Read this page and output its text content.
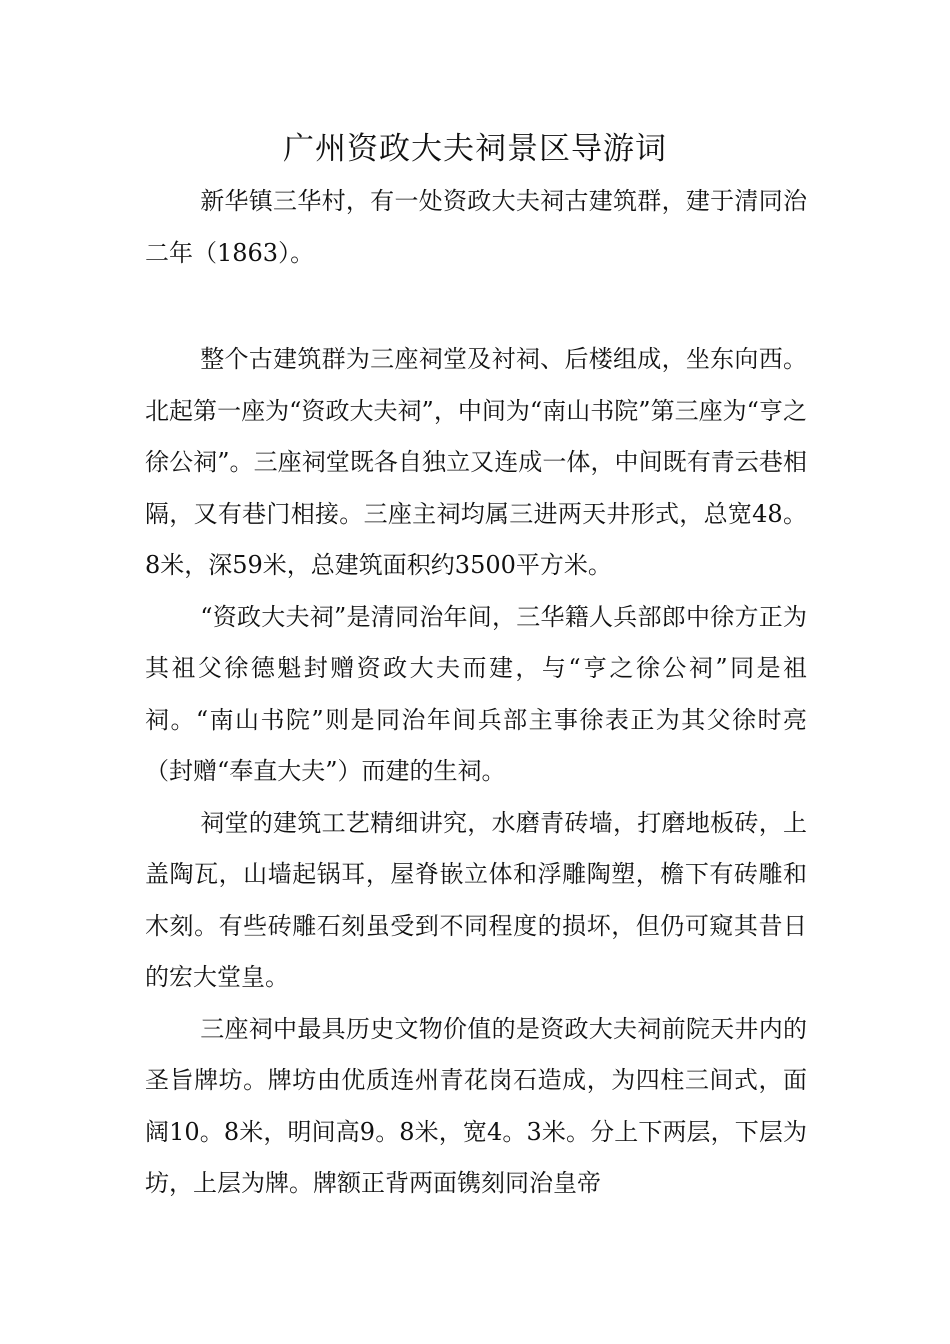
广州资政大夫祠景区导游词

新华镇三华村，有一处资政大夫祠古建筑群，建于清同治二年（1863）。

整个古建筑群为三座祠堂及衬祠、后楼组成，坐东向西。北起第一座为“资政大夫祠”，中间为“南山书院”第三座为“亨之徐公祠”。三座祠堂既各自独立又连成一体，中间既有青云巷相隔，又有巷门相接。三座主祠均属三进两天井形式，总宽48。8米，深59米，总建筑面积约3500平方米。

“资政大夫祠”是清同治年间，三华籍人兵部郎中徐方正为其祖父徐德魁封赠资政大夫而建，与“亨之徐公祠”同是祖祠。“南山书院”则是同治年间兵部主事徐表正为其父徐时亮（封赠“奉直大夫”）而建的生祠。

祠堂的建筑工艺精细讲究，水磨青砖墙，打磨地板砖，上盖陶瓦，山墙起锅耳，屋脊嵌立体和浮雕陶塑，檐下有砖雕和木刻。有些砖雕石刻虽受到不同程度的损坏，但仍可窥其昔日的宏大堂皇。

三座祠中最具历史文物价值的是资政大夫祠前院天井内的圣旨牌坊。牌坊由优质连州青花岗石造成，为四柱三间式，面阔10。8米，明间高9。8米，宽4。3米。分上下两层，下层为坊，上层为牌。牌额正背两面镌刻同治皇帝
